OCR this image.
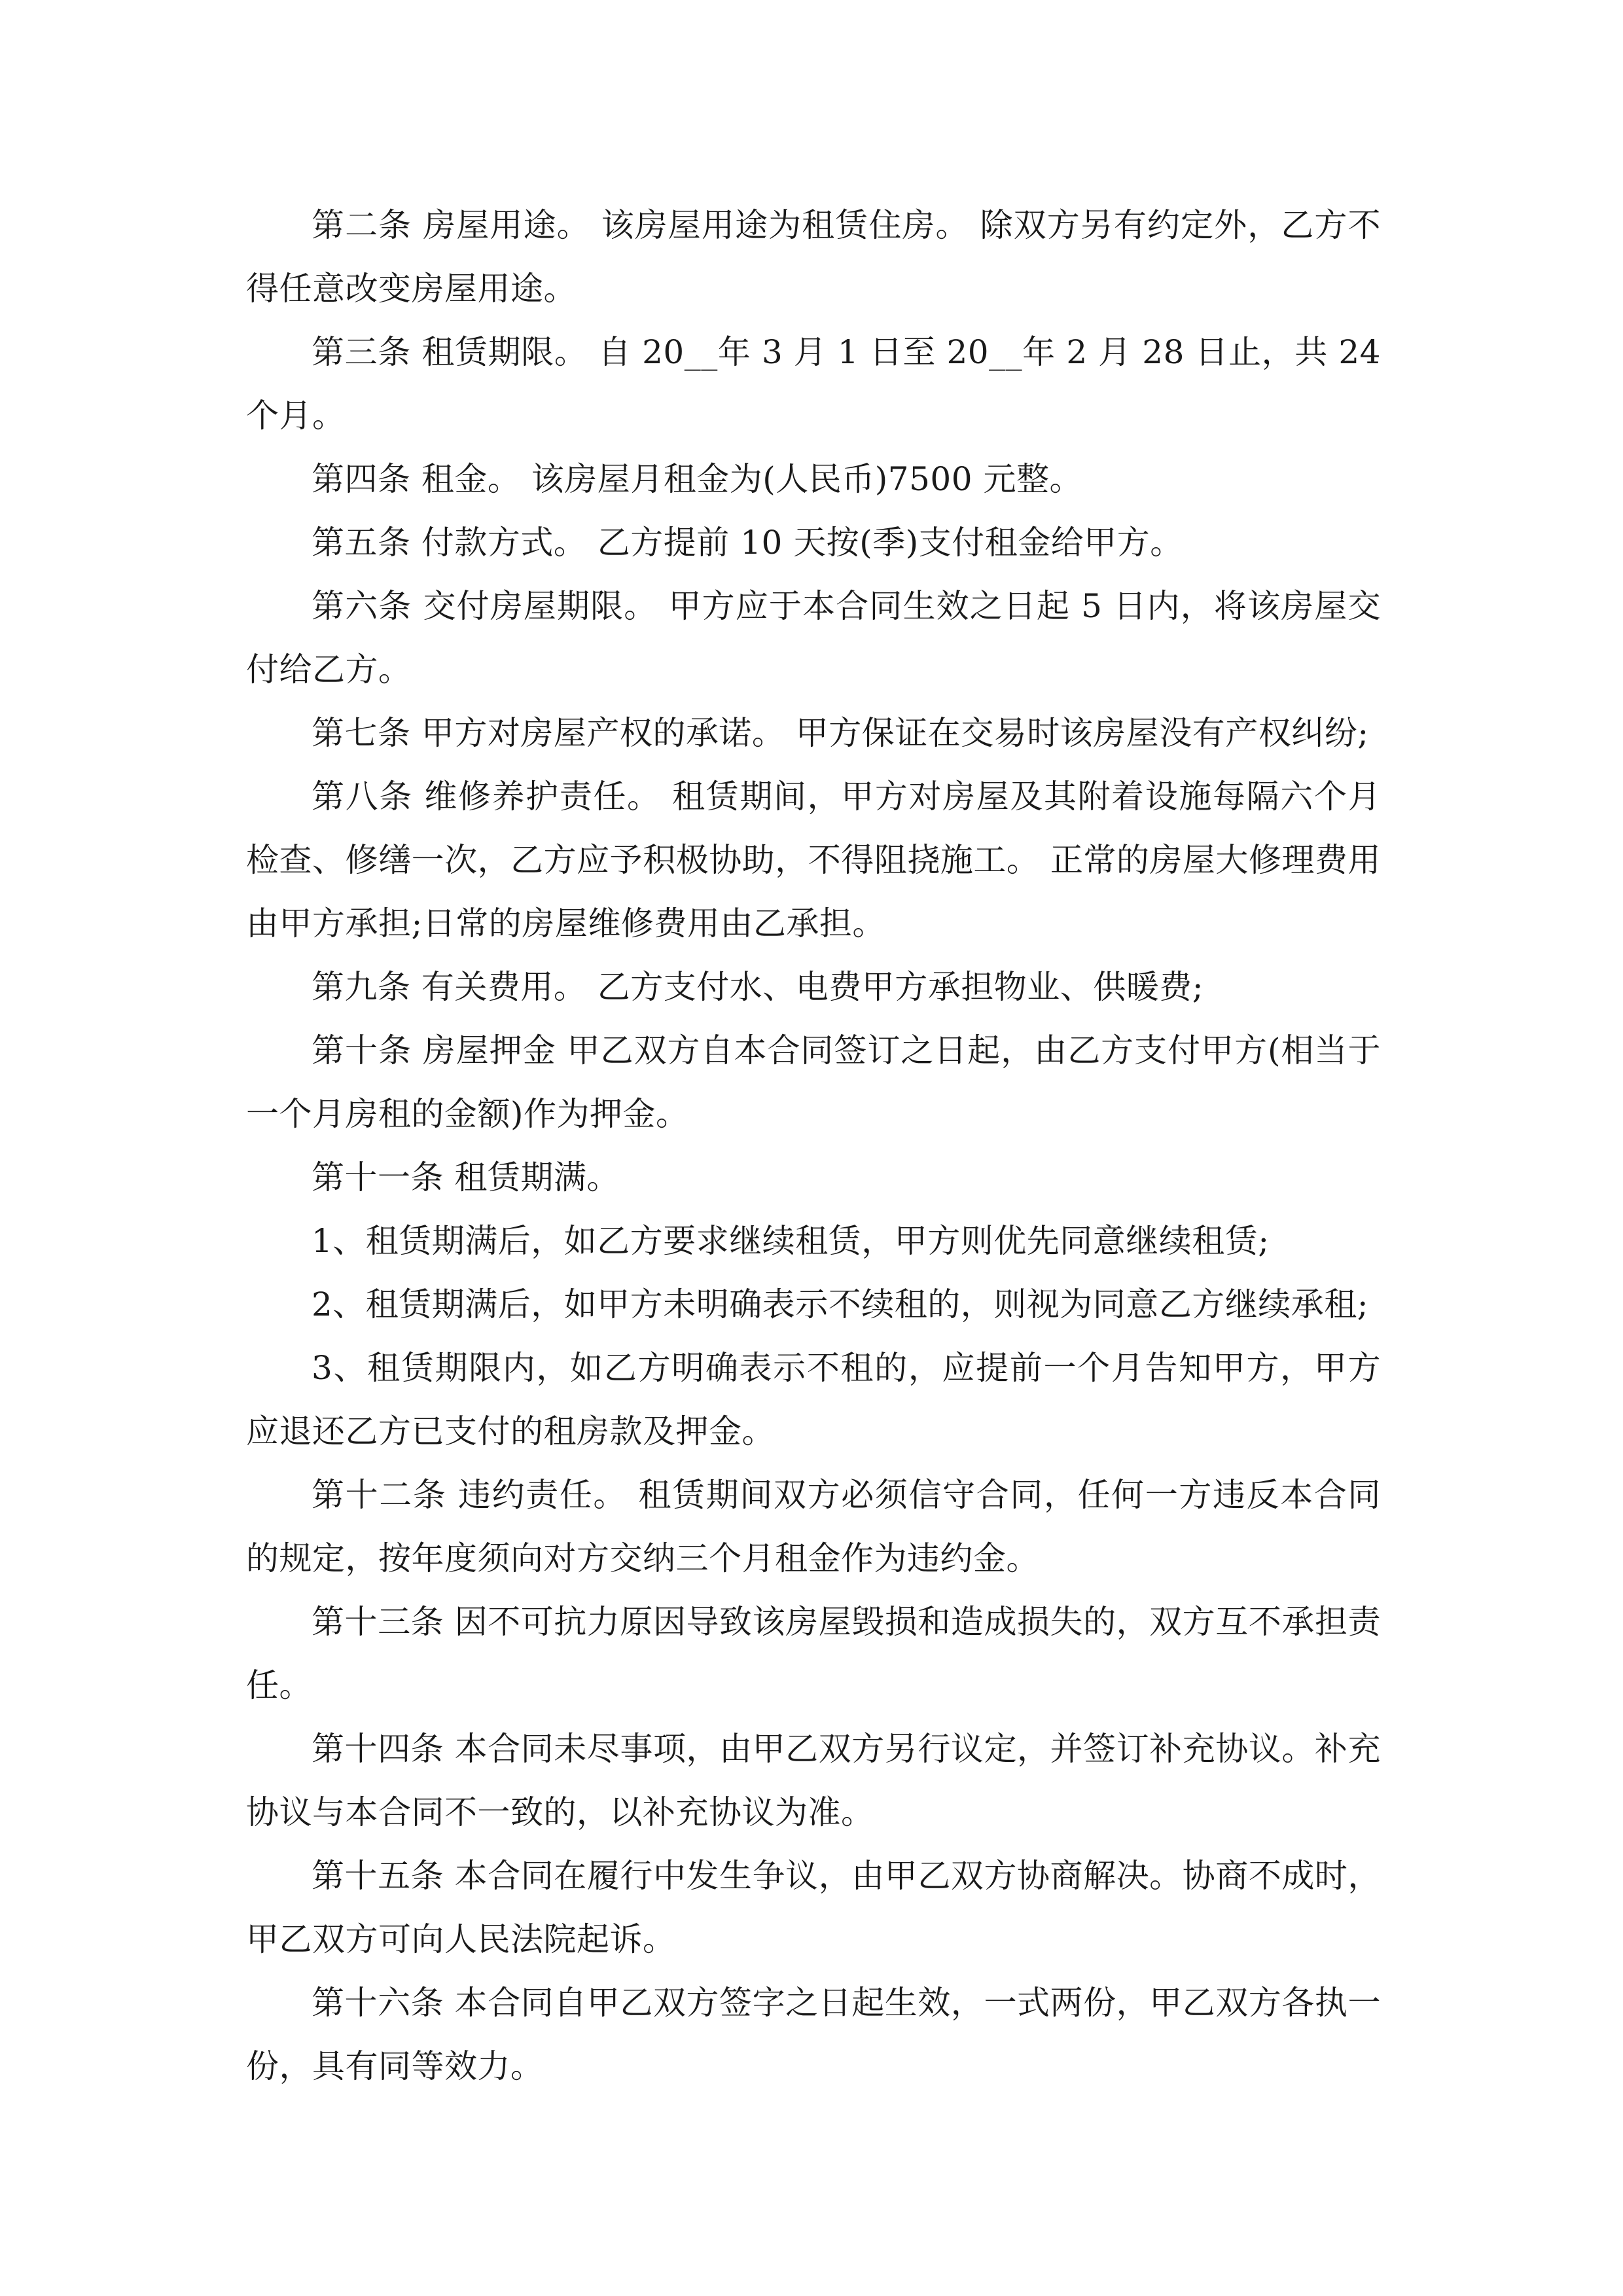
第二条 房屋用途。 该房屋用途为租赁住房。 除双方另有约定外，乙方不得任意改变房屋用途。

第三条 租赁期限。 自 20__年 3 月 1 日至 20__年 2 月 28 日止，共 24 个月。

第四条 租金。 该房屋月租金为(人民币)7500 元整。

第五条 付款方式。 乙方提前 10 天按(季)支付租金给甲方。

第六条 交付房屋期限。 甲方应于本合同生效之日起 5 日内，将该房屋交付给乙方。

第七条 甲方对房屋产权的承诺。 甲方保证在交易时该房屋没有产权纠纷;

第八条 维修养护责任。 租赁期间，甲方对房屋及其附着设施每隔六个月检查、修缮一次，乙方应予积极协助，不得阻挠施工。 正常的房屋大修理费用由甲方承担;日常的房屋维修费用由乙承担。

第九条 有关费用。 乙方支付水、电费甲方承担物业、供暖费;

第十条 房屋押金 甲乙双方自本合同签订之日起，由乙方支付甲方(相当于一个月房租的金额)作为押金。

第十一条 租赁期满。

1、租赁期满后，如乙方要求继续租赁，甲方则优先同意继续租赁;

2、租赁期满后，如甲方未明确表示不续租的，则视为同意乙方继续承租;

3、租赁期限内，如乙方明确表示不租的，应提前一个月告知甲方，甲方应退还乙方已支付的租房款及押金。

第十二条 违约责任。 租赁期间双方必须信守合同，任何一方违反本合同的规定，按年度须向对方交纳三个月租金作为违约金。

第十三条 因不可抗力原因导致该房屋毁损和造成损失的，双方互不承担责任。

第十四条 本合同未尽事项，由甲乙双方另行议定，并签订补充协议。补充协议与本合同不一致的，以补充协议为准。

第十五条 本合同在履行中发生争议，由甲乙双方协商解决。协商不成时，甲乙双方可向人民法院起诉。

第十六条 本合同自甲乙双方签字之日起生效，一式两份，甲乙双方各执一份，具有同等效力。
